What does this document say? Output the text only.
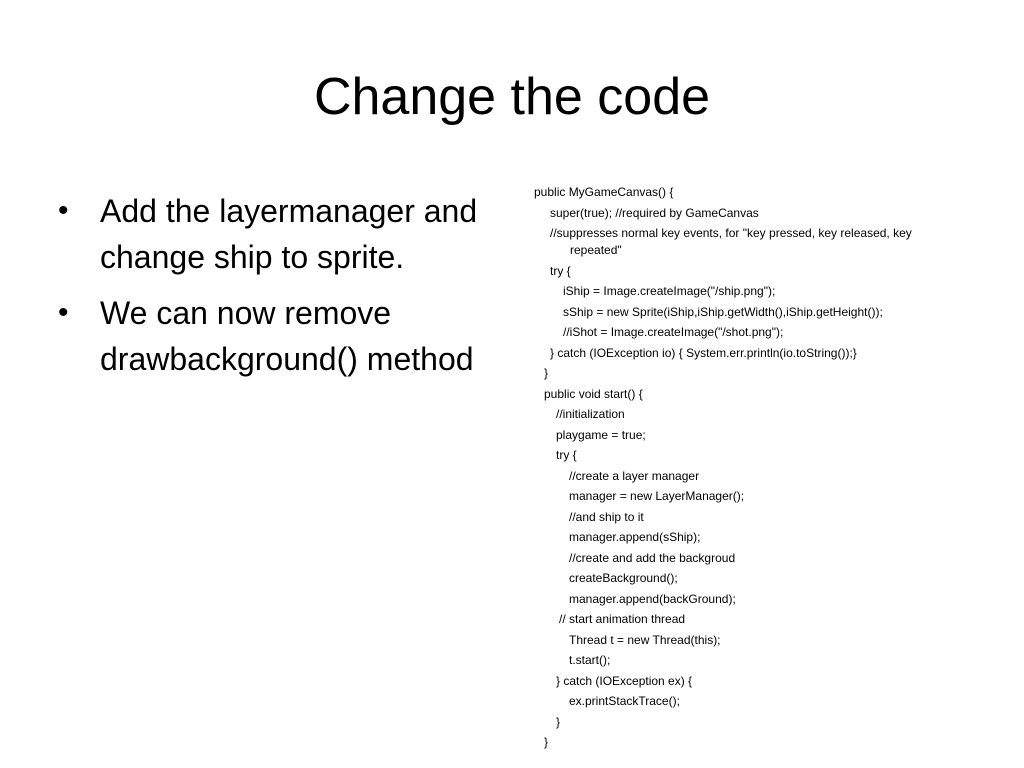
Change the code
• Add the layermanager and change ship to sprite.
• We can now remove drawbackground() method
public MyGameCanvas() {
super(true); //required by GameCanvas
//suppresses normal key events, for "key pressed, key released, key
repeated"
try {
iShip = Image.createImage("/ship.png");
sShip = new Sprite(iShip,iShip.getWidth(),iShip.getHeight());
//iShot = Image.createImage("/shot.png");
} catch (IOException io) { System.err.println(io.toString());}
}
public void start() {
//initialization
playgame = true;
try {
//create a layer manager
manager = new LayerManager();
//and ship to it
manager.append(sShip);
//create and add the backgroud
createBackground();
manager.append(backGround);
// start animation thread
Thread t = new Thread(this);
t.start();
} catch (IOException ex) {
ex.printStackTrace();
}
}
